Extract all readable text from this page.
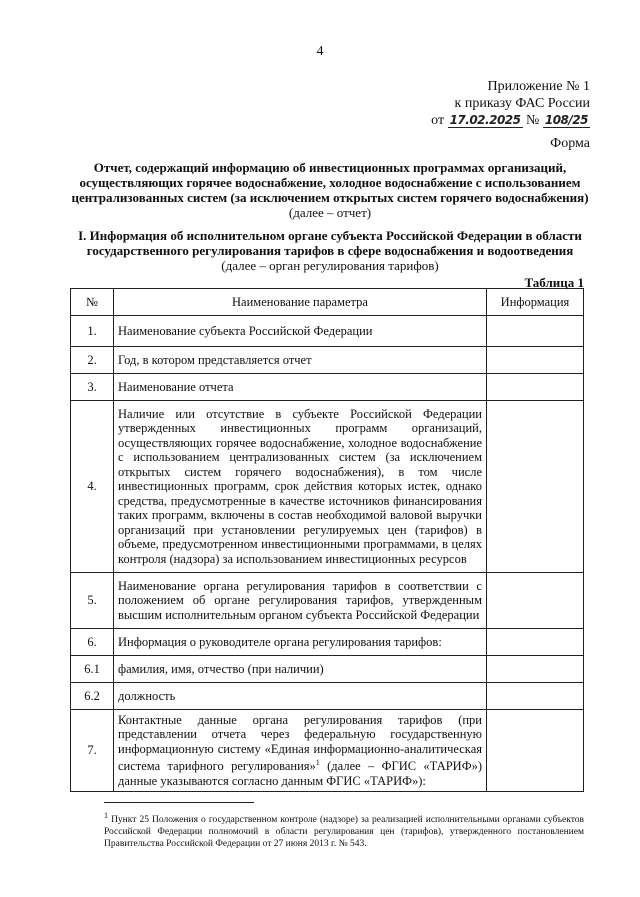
4
Приложение № 1
к приказу ФАС России
от 17.02.2025 № 108/25
Форма
Отчет, содержащий информацию об инвестиционных программах организаций, осуществляющих горячее водоснабжение, холодное водоснабжение с использованием централизованных систем (за исключением открытых систем горячего водоснабжения)
(далее – отчет)
I. Информация об исполнительном органе субъекта Российской Федерации в области государственного регулирования тарифов в сфере водоснабжения и водоотведения
(далее – орган регулирования тарифов)
Таблица 1
№	Наименование параметра	Информация
1.	Наименование субъекта Российской Федерации	
2.	Год, в котором представляется отчет	
3.	Наименование отчета	
4.	Наличие или отсутствие в субъекте Российской Федерации утвержденных инвестиционных программ организаций, осуществляющих горячее водоснабжение, холодное водоснабжение с использованием централизованных систем (за исключением открытых систем горячего водоснабжения), в том числе инвестиционных программ, срок действия которых истек, однако средства, предусмотренные в качестве источников финансирования таких программ, включены в состав необходимой валовой выручки организаций при установлении регулируемых цен (тарифов) в объеме, предусмотренном инвестиционными программами, в целях контроля (надзора) за использованием инвестиционных ресурсов	
5.	Наименование органа регулирования тарифов в соответствии с положением об органе регулирования тарифов, утвержденным высшим исполнительным органом субъекта Российской Федерации	
6.	Информация о руководителе органа регулирования тарифов:	
6.1	фамилия, имя, отчество (при наличии)	
6.2	должность	
7.	Контактные данные органа регулирования тарифов (при представлении отчета через федеральную государственную информационную систему «Единая информационно-аналитическая система тарифного регулирования»$^1$ (далее – ФГИС «ТАРИФ») данные указываются согласно данным ФГИС «ТАРИФ»):	
$^1$ Пункт 25 Положения о государственном контроле (надзоре) за реализацией исполнительными органами субъектов Российской Федерации полномочий в области регулирования цен (тарифов), утвержденного постановлением Правительства Российской Федерации от 27 июня 2013 г. № 543.
